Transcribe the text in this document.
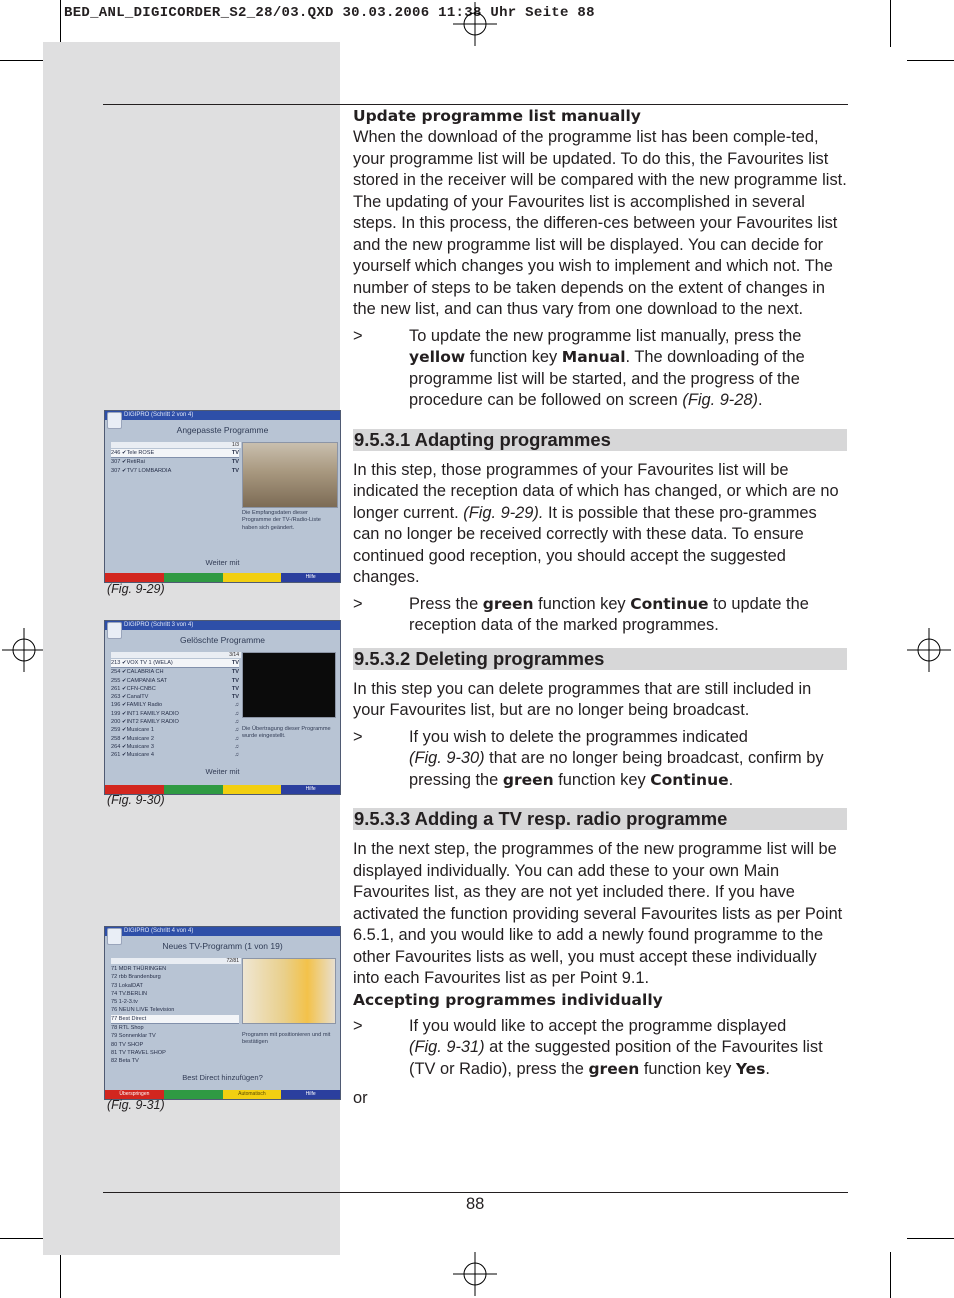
BED_ANL_DIGICORDER_S2_28/03.QXD 30.03.2006 11:38 Uhr Seite 88

Update programme list manually

When the download of the programme list has been comple-ted, your programme list will be updated. To do this, the Favourites list stored in the receiver will be compared with the new programme list. The updating of your Favourites list is accomplished in several steps. In this process, the differen-ces between your Favourites list and the new programme list will be displayed. You can decide for yourself which changes you wish to implement and which not. The number of steps to be taken depends on the extent of changes in the new list, and can thus vary from one download to the next.

>	To update the new programme list manually, press the yellow function key Manual. The downloading of the programme list will be started, and the progress of the procedure can be followed on screen (Fig. 9-28).
9.5.3.1 Adapting programmes

In this step, those programmes of your Favourites list will be indicated the reception data of which has changed, or which are no longer current. (Fig. 9-29). It is possible that these pro-grammes can no longer be received correctly with these data. To ensure continued good reception, you should accept the suggested changes.

>	Press the green function key Continue to update the reception data of the marked programmes.
9.5.3.2 Deleting programmes

In this step you can delete programmes that are still included in your Favourites list, but are no longer being broadcast.

>	If you wish to delete the programmes indicated
(Fig. 9-30) that are no longer being broadcast, confirm by pressing the green function key Continue.
9.5.3.3 Adding a TV resp. radio programme

In the next step, the programmes of the new programme list will be displayed individually. You can add these to your own Main Favourites list, as they are not yet included there. If you have activated the function providing several Favourites lists as per Point 6.5.1, and you would like to add a newly found programme to the other Favourites lists as well, you must accept these individually into each Favourites list as per Point 9.1.

Accepting programmes individually

>	If you would like to accept the programme displayed
(Fig. 9-31) at the suggested position of the Favourites list (TV or Radio), press the green function key Yes.

or

DIGIPRO (Schritt 2 von 4)
Angepasste Programme
1/3
246 ✔Tele ROSE	TV
307 ✔RetiRai	TV
307 ✔TV7 LOMBARDIA	TV
Die Empfangsdaten dieser Programme der TV-/Radio-Liste haben sich geändert.
Weiter mit
Hilfe
(Fig. 9-29)
DIGIPRO (Schritt 3 von 4)
Gelöschte Programme
3/14
213 ✔VOX TV 1 (WELA)	TV
254 ✔CALABRIA CH	TV
255 ✔CAMPANIA SAT	TV
261 ✔CFN-CNBC	TV
263 ✔CanalTV	TV
196 ✔FAMILY Radio	♫
199 ✔INT1 FAMILY RADIO	♫
200 ✔INT2 FAMILY RADIO	♫
259 ✔Musicare 1	♫
258 ✔Musicare 2	♫
264 ✔Musicare 3	♫
261 ✔Musicare 4	♫
Die Übertragung dieser Programme wurde eingestellt.
Weiter mit
Hilfe
(Fig. 9-30)
DIGIPRO (Schritt 4 von 4)
Neues TV-Programm (1 von 19)
72/81
71 MDR THÜRINGEN
72 rbb Brandenburg
73 LokalDAT
74 TV.BERLIN
75 1-2-3.tv
76 NEUN LIVE Television
77 Best Direct
78 RTL Shop
79 Sonnenklar TV
80 TV SHOP
81 TV TRAVEL SHOP
82 Beta TV
Programm mit positionieren und mit bestätigen
Best Direct hinzufügen?
Überspringen	Automatisch	Hilfe
(Fig. 9-31)
88
